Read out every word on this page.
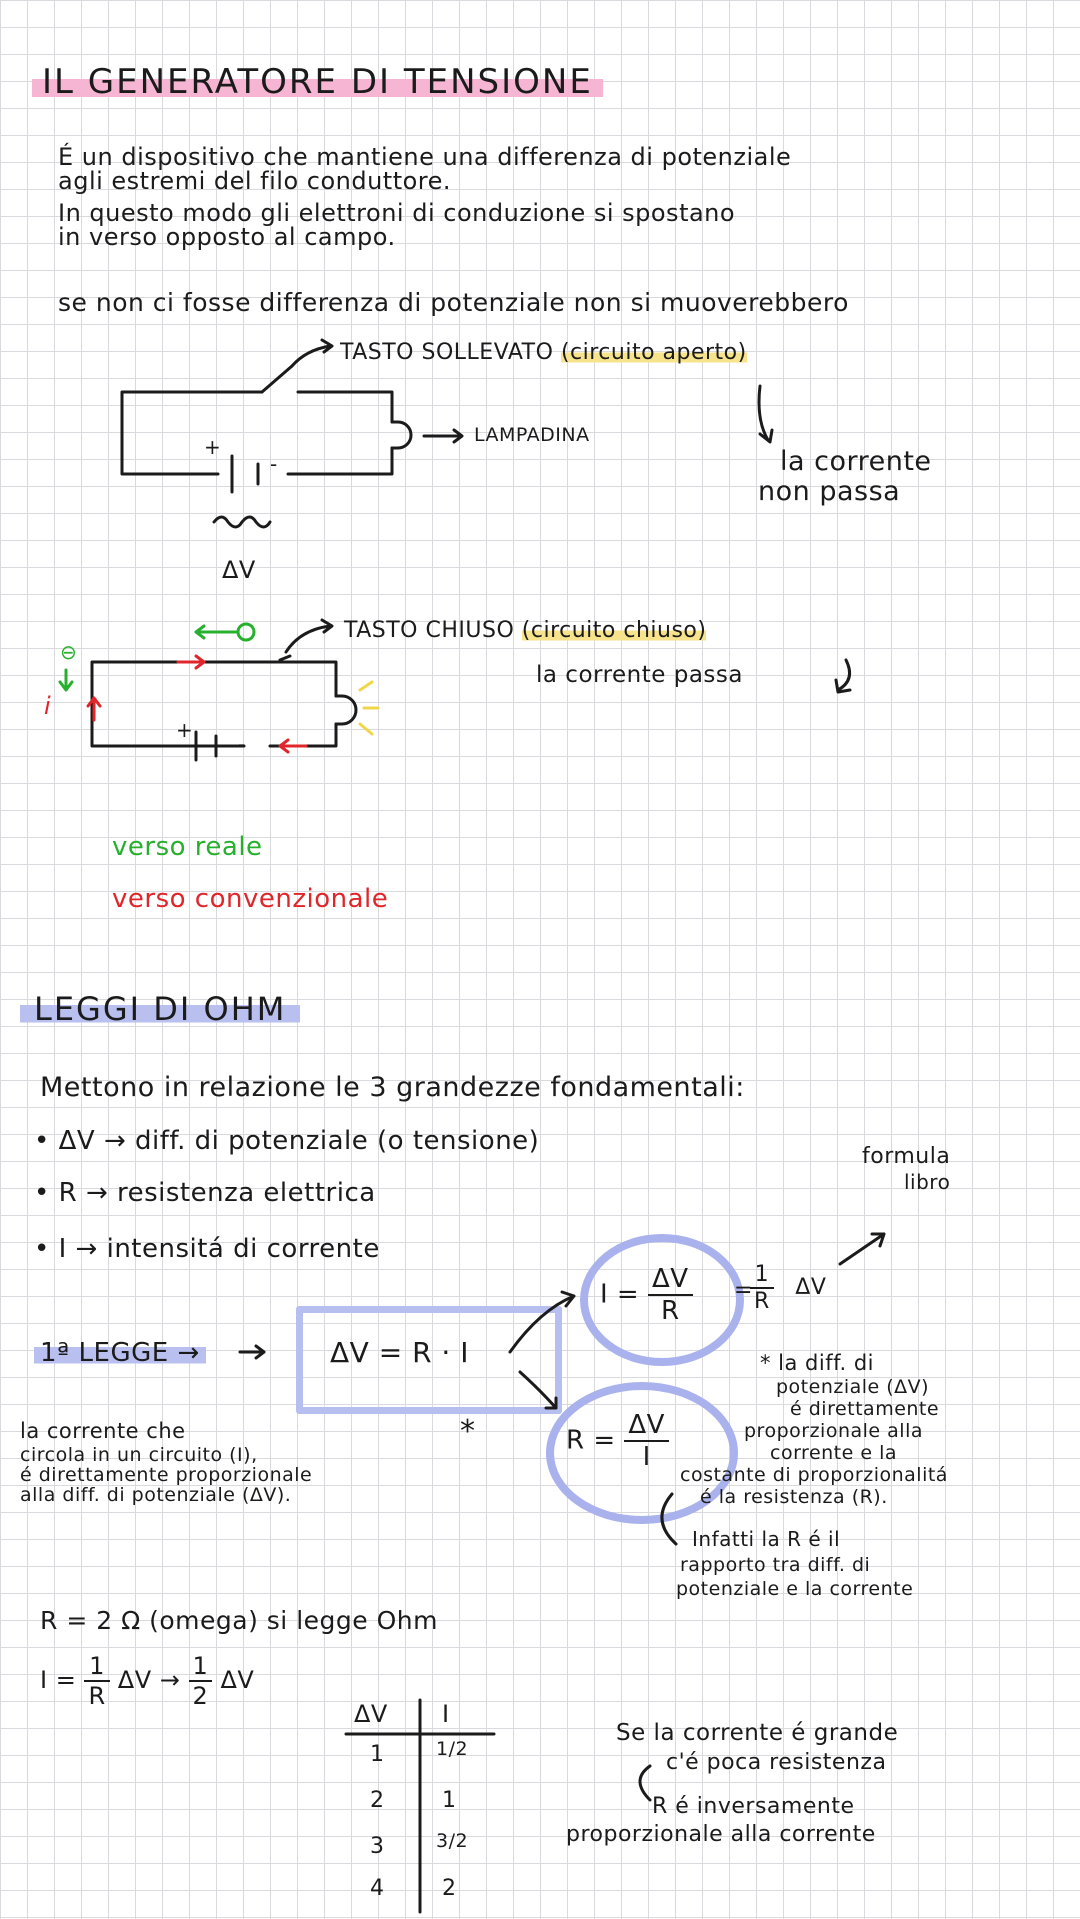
IL GENERATORE DI TENSIONE
É un dispositivo che mantiene una differenza di potenziale
agli estremi del filo conduttore.
In questo modo gli elettroni di conduzione si spostano
in verso opposto al campo.
se non ci fosse differenza di potenziale non si muoverebbero
TASTO SOLLEVATO (circuito aperto)
LAMPADINA
+
-
ΔV
la corrente
non passa
TASTO CHIUSO (circuito chiuso)
la corrente passa
i
⊖
+
-
verso reale
verso convenzionale
LEGGI DI OHM
Mettono in relazione le 3 grandezze fondamentali:
• ΔV → diff. di potenziale (o tensione)
• R → resistenza elettrica
• I → intensitá di corrente
formula
libro
1ª LEGGE →	ΔV = R · I
*
$I = \frac{\Delta V}{R}$ =
$\frac{1}{R}$ ΔV
$R = \frac{\Delta V}{I}$
la corrente che
circola in un circuito (I),
é direttamente proporzionale
alla diff. di potenziale (ΔV).
* la diff. di
potenziale (ΔV)
é direttamente
proporzionale alla
corrente e la
costante di proporzionalitá
é la resistenza (R).
Infatti la R é il
rapporto tra diff. di
potenziale e la corrente
R = 2 Ω (omega) si legge Ohm
$I = \frac{1}{R}$ $\Delta V \to \frac{1}{2}$ ΔV
ΔV I
1	1/2
2	1
3	3/2
4	2
Se la corrente é grande
c'é poca resistenza
R é inversamente
proporzionale alla corrente
